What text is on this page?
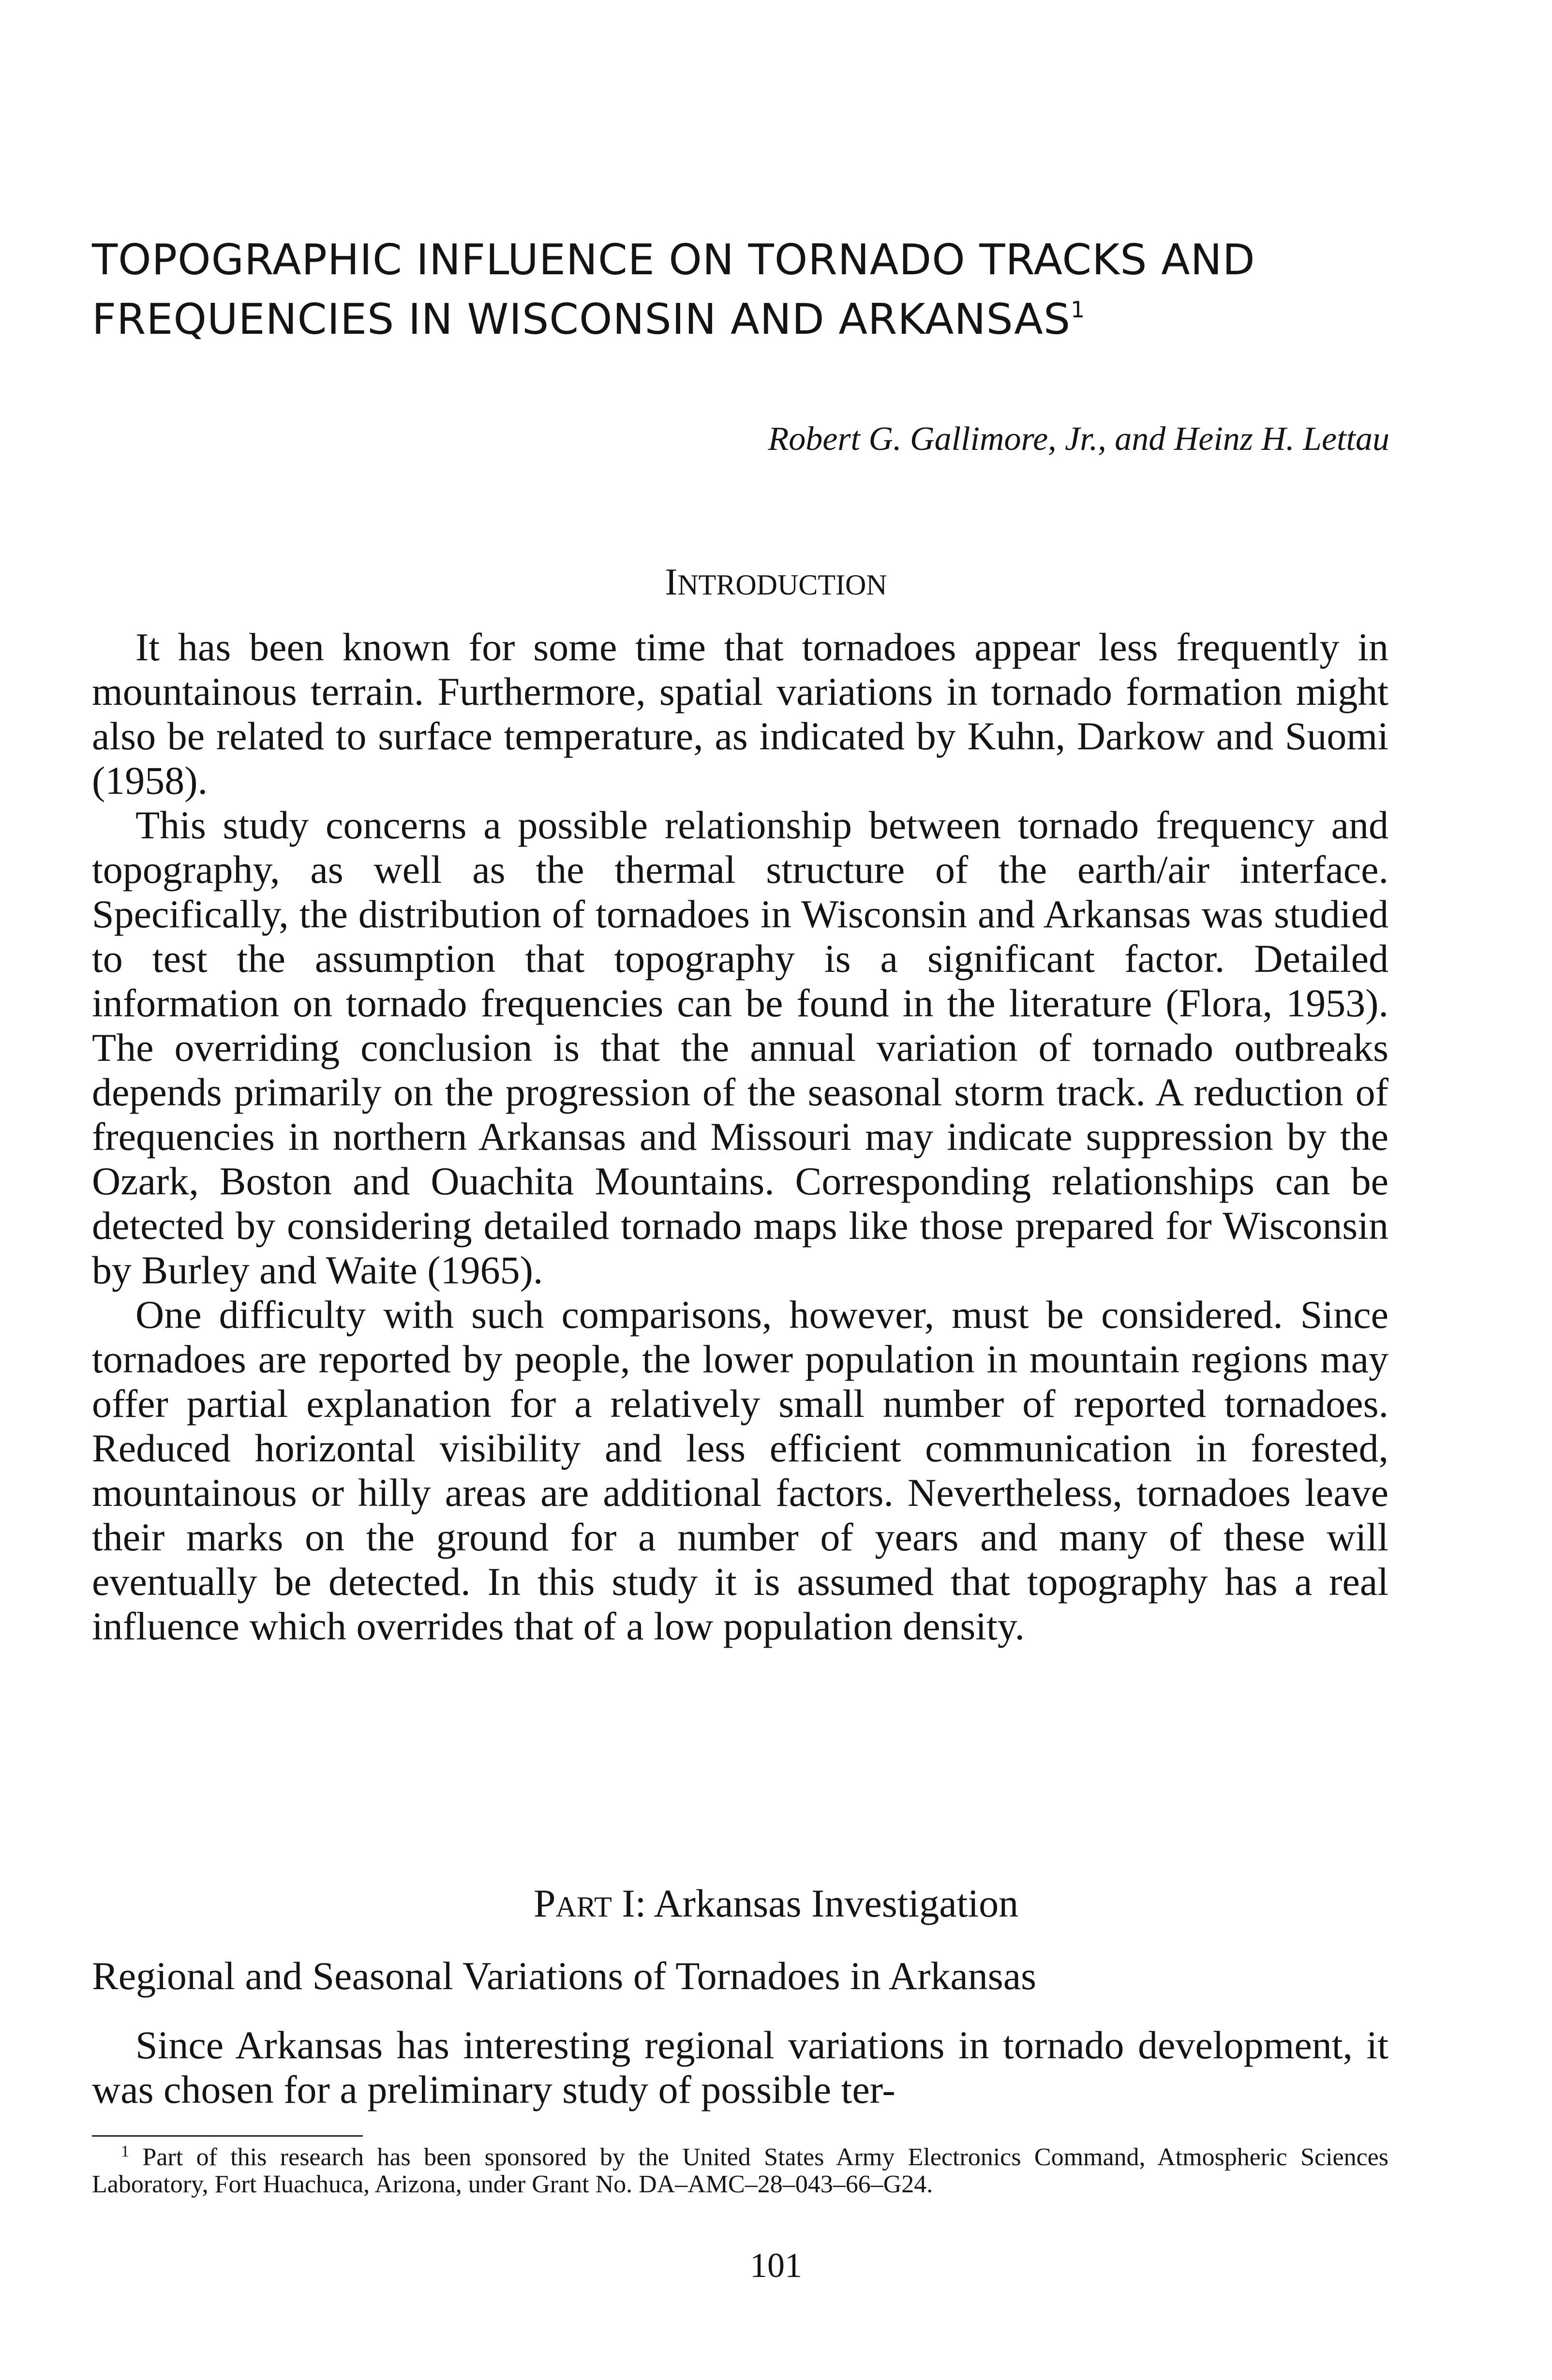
TOPOGRAPHIC INFLUENCE ON TORNADO TRACKS AND
FREQUENCIES IN WISCONSIN AND ARKANSAS$^1$

Robert G. Gallimore, Jr., and Heinz H. Lettau

INTRODUCTION

It has been known for some time that tornadoes appear less frequently in mountainous terrain. Furthermore, spatial variations in tornado formation might also be related to surface temperature, as indicated by Kuhn, Darkow and Suomi (1958).

This study concerns a possible relationship between tornado frequency and topography, as well as the thermal structure of the earth/air interface. Specifically, the distribution of tornadoes in Wisconsin and Arkansas was studied to test the assumption that topography is a significant factor. Detailed information on tornado frequencies can be found in the literature (Flora, 1953). The overriding conclusion is that the annual variation of tornado outbreaks depends primarily on the progression of the seasonal storm track. A reduction of frequencies in northern Arkansas and Missouri may indicate suppression by the Ozark, Boston and Ouachita Mountains. Corresponding relationships can be detected by considering detailed tornado maps like those prepared for Wisconsin by Burley and Waite (1965).

One difficulty with such comparisons, however, must be considered. Since tornadoes are reported by people, the lower population in mountain regions may offer partial explanation for a relatively small number of reported tornadoes. Reduced horizontal visibility and less efficient communication in forested, mountainous or hilly areas are additional factors. Nevertheless, tornadoes leave their marks on the ground for a number of years and many of these will eventually be detected. In this study it is assumed that topography has a real influence which overrides that of a low population density.

PART I: Arkansas Investigation
Regional and Seasonal Variations of Tornadoes in Arkansas

Since Arkansas has interesting regional variations in tornado development, it was chosen for a preliminary study of possible ter-

$^1$ Part of this research has been sponsored by the United States Army Electronics Command, Atmospheric Sciences Laboratory, Fort Huachuca, Arizona, under Grant No. DA–AMC–28–043–66–G24.

101
